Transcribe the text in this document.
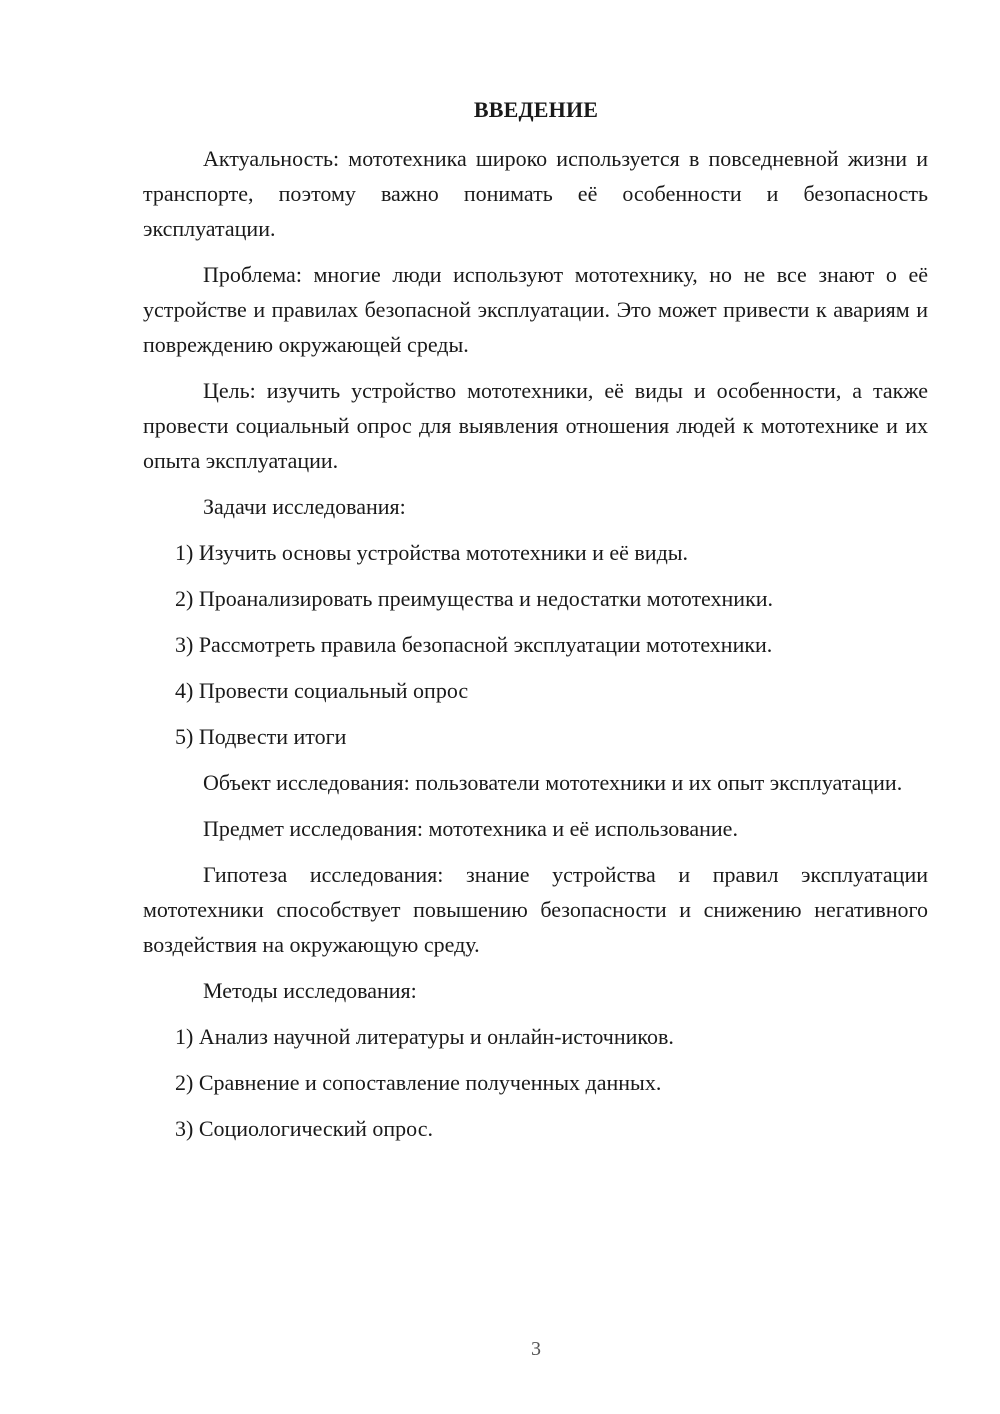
ВВЕДЕНИЕ

Актуальность: мототехника широко используется в повседневной жизни и транспорте, поэтому важно понимать её особенности и безопасность эксплуатации.

Проблема: многие люди используют мототехнику, но не все знают о её устройстве и правилах безопасной эксплуатации. Это может привести к авариям и повреждению окружающей среды.

Цель: изучить устройство мототехники, её виды и особенности, а также провести социальный опрос для выявления отношения людей к мототехнике и их опыта эксплуатации.

Задачи исследования:

1) Изучить основы устройства мототехники и её виды.
2) Проанализировать преимущества и недостатки мототехники.
3) Рассмотреть правила безопасной эксплуатации мототехники.
4) Провести социальный опрос
5) Подвести итоги

Объект исследования: пользователи мототехники и их опыт эксплуатации.

Предмет исследования: мототехника и её использование.

Гипотеза исследования: знание устройства и правил эксплуатации мототехники способствует повышению безопасности и снижению негативного воздействия на окружающую среду.

Методы исследования:

1) Анализ научной литературы и онлайн-источников.
2) Сравнение и сопоставление полученных данных.
3) Социологический опрос.
3
